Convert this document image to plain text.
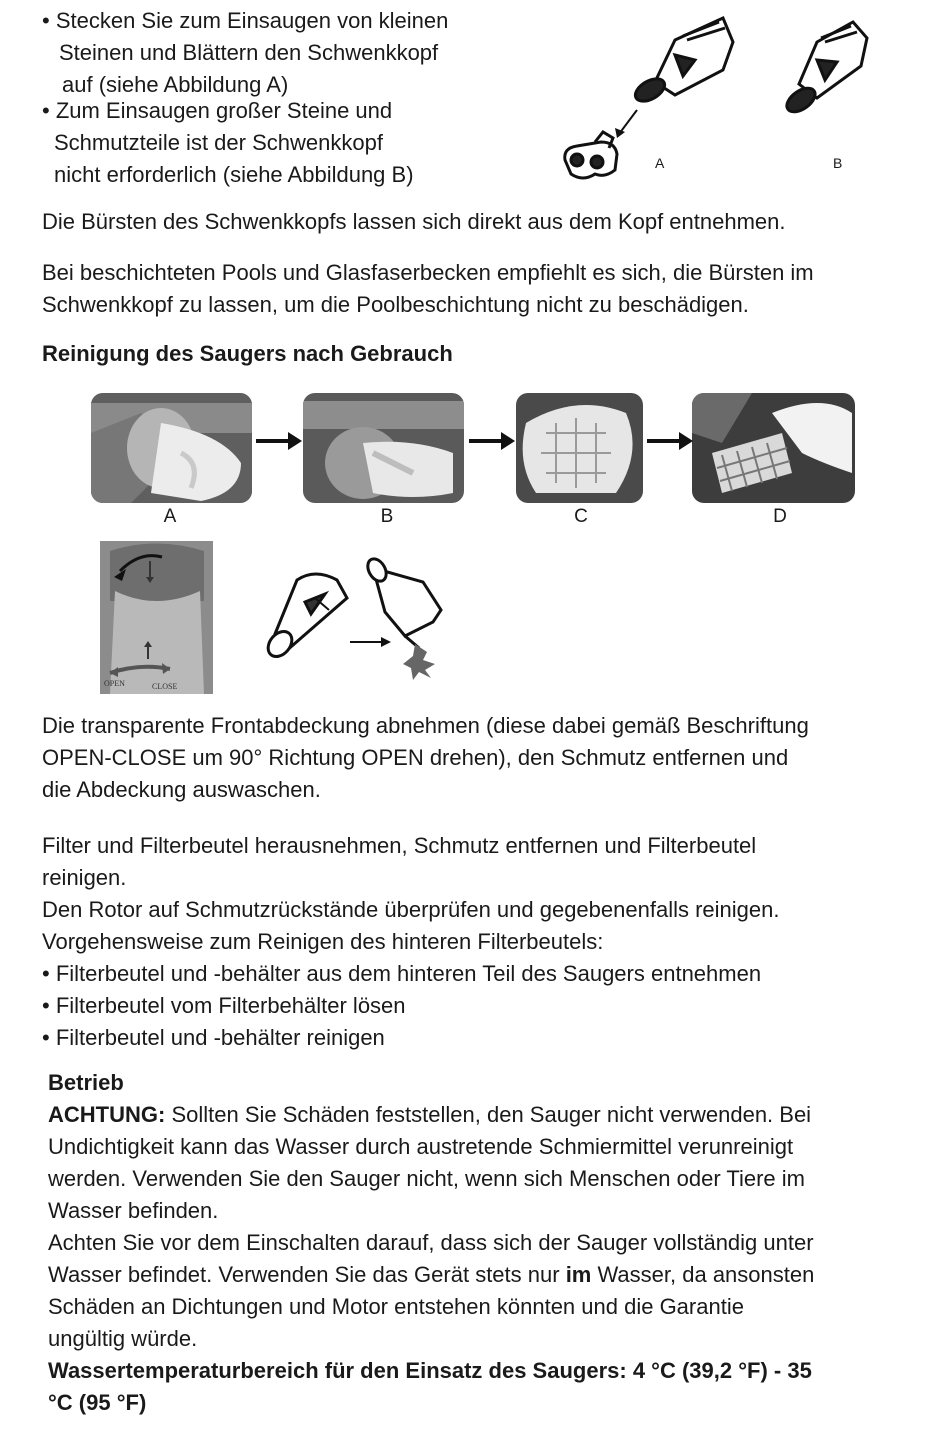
• Stecken Sie zum Einsaugen von kleinen
Steinen und Blättern den Schwenkkopf
auf (siehe Abbildung A)
• Zum Einsaugen großer Steine und
Schmutzteile ist der Schwenkkopf
nicht erforderlich (siehe Abbildung B)	A	B
Die Bürsten des Schwenkkopfs lassen sich direkt aus dem Kopf entnehmen.
Bei beschichteten Pools und Glasfaserbecken empfiehlt es sich, die Bürsten im
Schwenkkopf zu lassen, um die Poolbeschichtung nicht zu beschädigen.
Reinigung des Saugers nach Gebrauch
A	B	C	D
OPEN	CLOSE
Die transparente Frontabdeckung abnehmen (diese dabei gemäß Beschriftung
OPEN-CLOSE um 90° Richtung OPEN drehen), den Schmutz entfernen und
die Abdeckung auswaschen.
Filter und Filterbeutel herausnehmen, Schmutz entfernen und Filterbeutel
reinigen.
Den Rotor auf Schmutzrückstände überprüfen und gegebenenfalls reinigen.
Vorgehensweise zum Reinigen des hinteren Filterbeutels:
• Filterbeutel und -behälter aus dem hinteren Teil des Saugers entnehmen
• Filterbeutel vom Filterbehälter lösen
• Filterbeutel und -behälter reinigen
Betrieb
ACHTUNG: Sollten Sie Schäden feststellen, den Sauger nicht verwenden. Bei
Undichtigkeit kann das Wasser durch austretende Schmiermittel verunreinigt
werden. Verwenden Sie den Sauger nicht, wenn sich Menschen oder Tiere im
Wasser befinden.
Achten Sie vor dem Einschalten darauf, dass sich der Sauger vollständig unter
Wasser befindet. Verwenden Sie das Gerät stets nur im Wasser, da ansonsten
Schäden an Dichtungen und Motor entstehen könnten und die Garantie
ungültig würde.
Wassertemperaturbereich für den Einsatz des Saugers: 4 °C (39,2 °F) - 35
°C (95 °F)
